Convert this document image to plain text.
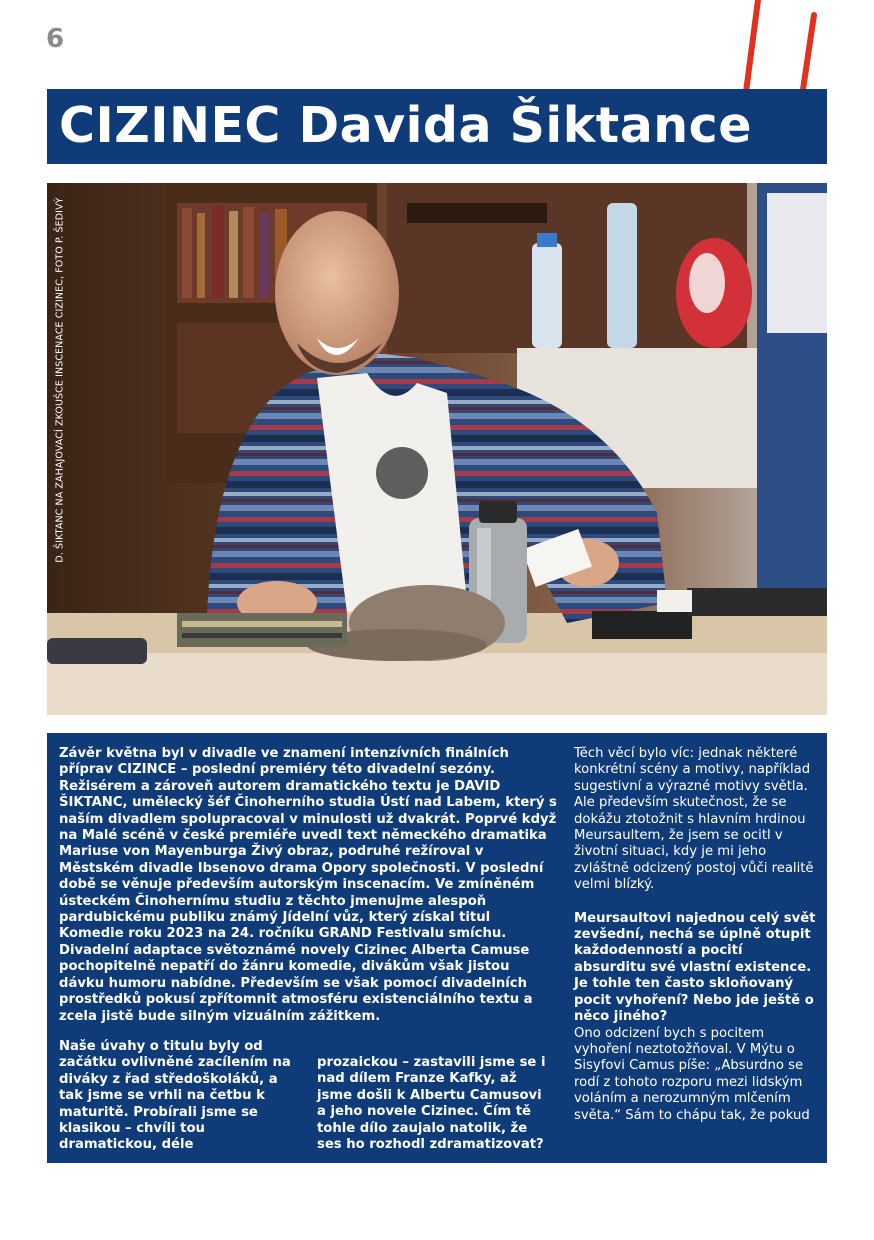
6
CIZINEC Davida Šiktance
D. ŠIKTANC NA ZAHAJOVACÍ ZKOUŠCE INSCENACE CIZINEC, FOTO P. ŠEDIVÝ

Závěr května byl v divadle ve znamení intenzívních finálních příprav CIZINCE – poslední premiéry této divadelní sezóny. Režisérem a zároveň autorem dramatického textu je DAVID ŠIKTANC, umělecký šéf Činoherního studia Ústí nad Labem, který s naším divadlem spolupracoval v minulosti už dvakrát. Poprvé když na Malé scéně v české premiéře uvedl text německého dramatika Mariuse von Mayenburga Živý obraz, podruhé režíroval v Městském divadle Ibsenovo drama Opory společnosti. V poslední době se věnuje především autorským inscenacím. Ve zmíněném ústeckém Činohernímu studiu z těchto jmenujme alespoň pardubickému publiku známý Jídelní vůz, který získal titul Komedie roku 2023 na 24. ročníku GRAND Festivalu smíchu. Divadelní adaptace světoznámé novely Cizinec Alberta Camuse pochopitelně nepatří do žánru komedie, divákům však jistou dávku humoru nabídne. Především se však pomocí divadelních prostředků pokusí zpřítomnit atmosféru existenciálního textu a zcela jistě bude silným vizuálním zážitkem.

Naše úvahy o titulu byly od začátku ovlivněné zacílením na diváky z řad středoškoláků, a tak jsme se vrhli na četbu k maturitě. Probírali jsme se klasikou – chvíli tou dramatickou, déle

prozaickou – zastavili jsme se i nad dílem Franze Kafky, až jsme došli k Albertu Camusovi a jeho novele Cizinec. Čím tě tohle dílo zaujalo natolik, že ses ho rozhodl zdramatizovat?

Těch věcí bylo víc: jednak některé konkrétní scény a motivy, například sugestivní a výrazné motivy světla. Ale především skutečnost, že se dokážu ztotožnit s hlavním hrdinou Meursaultem, že jsem se ocitl v životní situaci, kdy je mi jeho zvláštně odcizený postoj vůči realitě velmi blízký.

Meursaultovi najednou celý svět zevšední, nechá se úplně otupit každodenností a pocití absurditu své vlastní existence. Je tohle ten často skloňovaný pocit vyhoření? Nebo jde ještě o něco jiného?

Ono odcizení bych s pocitem vyhoření neztotožňoval. V Mýtu o Sisyfovi Camus píše: „Absurdno se rodí z tohoto rozporu mezi lidským voláním a nerozumným mlčením světa.“ Sám to chápu tak, že pokud
